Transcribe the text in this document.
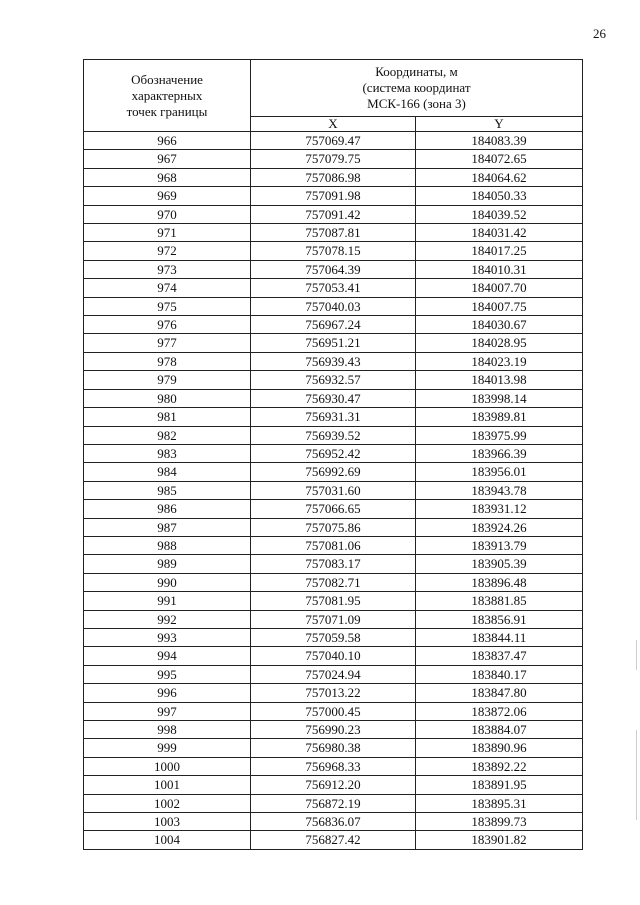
26
Обозначение
характерных
точек границы	Координаты, м
(система координат
МСК-166 (зона 3)	

	X	Y
966	757069.47	184083.39
967	757079.75	184072.65
968	757086.98	184064.62
969	757091.98	184050.33
970	757091.42	184039.52
971	757087.81	184031.42
972	757078.15	184017.25
973	757064.39	184010.31
974	757053.41	184007.70
975	757040.03	184007.75
976	756967.24	184030.67
977	756951.21	184028.95
978	756939.43	184023.19
979	756932.57	184013.98
980	756930.47	183998.14
981	756931.31	183989.81
982	756939.52	183975.99
983	756952.42	183966.39
984	756992.69	183956.01
985	757031.60	183943.78
986	757066.65	183931.12
987	757075.86	183924.26
988	757081.06	183913.79
989	757083.17	183905.39
990	757082.71	183896.48
991	757081.95	183881.85
992	757071.09	183856.91
993	757059.58	183844.11
994	757040.10	183837.47
995	757024.94	183840.17
996	757013.22	183847.80
997	757000.45	183872.06
998	756990.23	183884.07
999	756980.38	183890.96
1000	756968.33	183892.22
1001	756912.20	183891.95
1002	756872.19	183895.31
1003	756836.07	183899.73
1004	756827.42	183901.82
